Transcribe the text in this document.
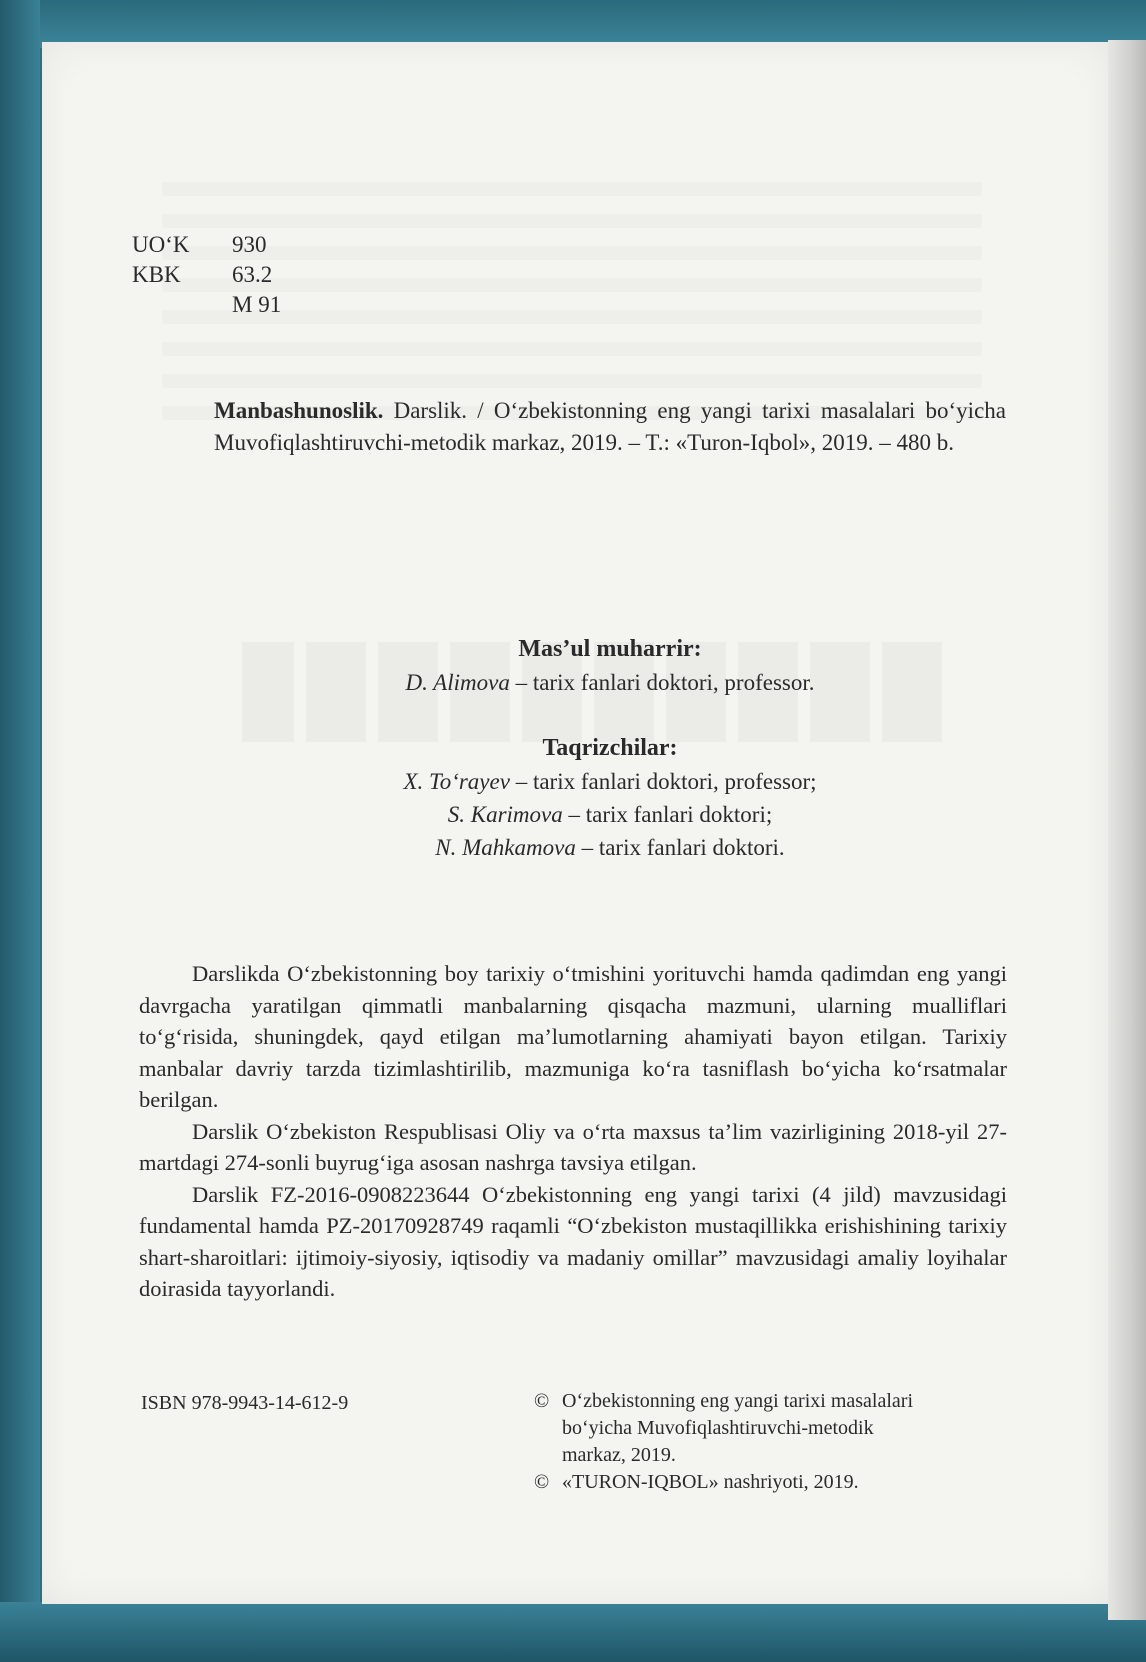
UO‘K 930
KBK 63.2
M 91
Manbashunoslik. Darslik. / O‘zbekistonning eng yangi tarixi masalalari bo‘yicha Muvofiqlashtiruvchi-metodik markaz, 2019. – T.: «Turon-Iqbol», 2019. – 480 b.
Mas’ul muharrir:
D. Alimova – tarix fanlari doktori, professor.
Taqrizchilar:
X. To‘rayev – tarix fanlari doktori, professor;
S. Karimova – tarix fanlari doktori;
N. Mahkamova – tarix fanlari doktori.

Darslikda O‘zbekistonning boy tarixiy o‘tmishini yorituvchi hamda qadimdan eng yangi davrgacha yaratilgan qimmatli manbalarning qisqacha mazmuni, ularning mualliflari to‘g‘risida, shuningdek, qayd etilgan ma’lumotlarning ahamiyati bayon etilgan. Tarixiy manbalar davriy tarzda tizimlashtirilib, mazmuniga ko‘ra tasniflash bo‘yicha ko‘rsatmalar berilgan.

Darslik O‘zbekiston Respublisasi Oliy va o‘rta maxsus ta’lim vazirligining 2018-yil 27-martdagi 274-sonli buyrug‘iga asosan nashrga tavsiya etilgan.

Darslik FZ-2016-0908223644 O‘zbekistonning eng yangi tarixi (4 jild) mavzusidagi fundamental hamda PZ-20170928749 raqamli “O‘zbekiston mustaqillikka erishishining tarixiy shart-sharoitlari: ijtimoiy-siyosiy, iqtisodiy va madaniy omillar” mavzusidagi amaliy loyihalar doirasida tayyorlandi.

ISBN 978-9943-14-612-9	© O‘zbekistonning eng yangi tarixi masalalari
bo‘yicha Muvofiqlashtiruvchi-metodik
markaz, 2019.
© «TURON-IQBOL» nashriyoti, 2019.
